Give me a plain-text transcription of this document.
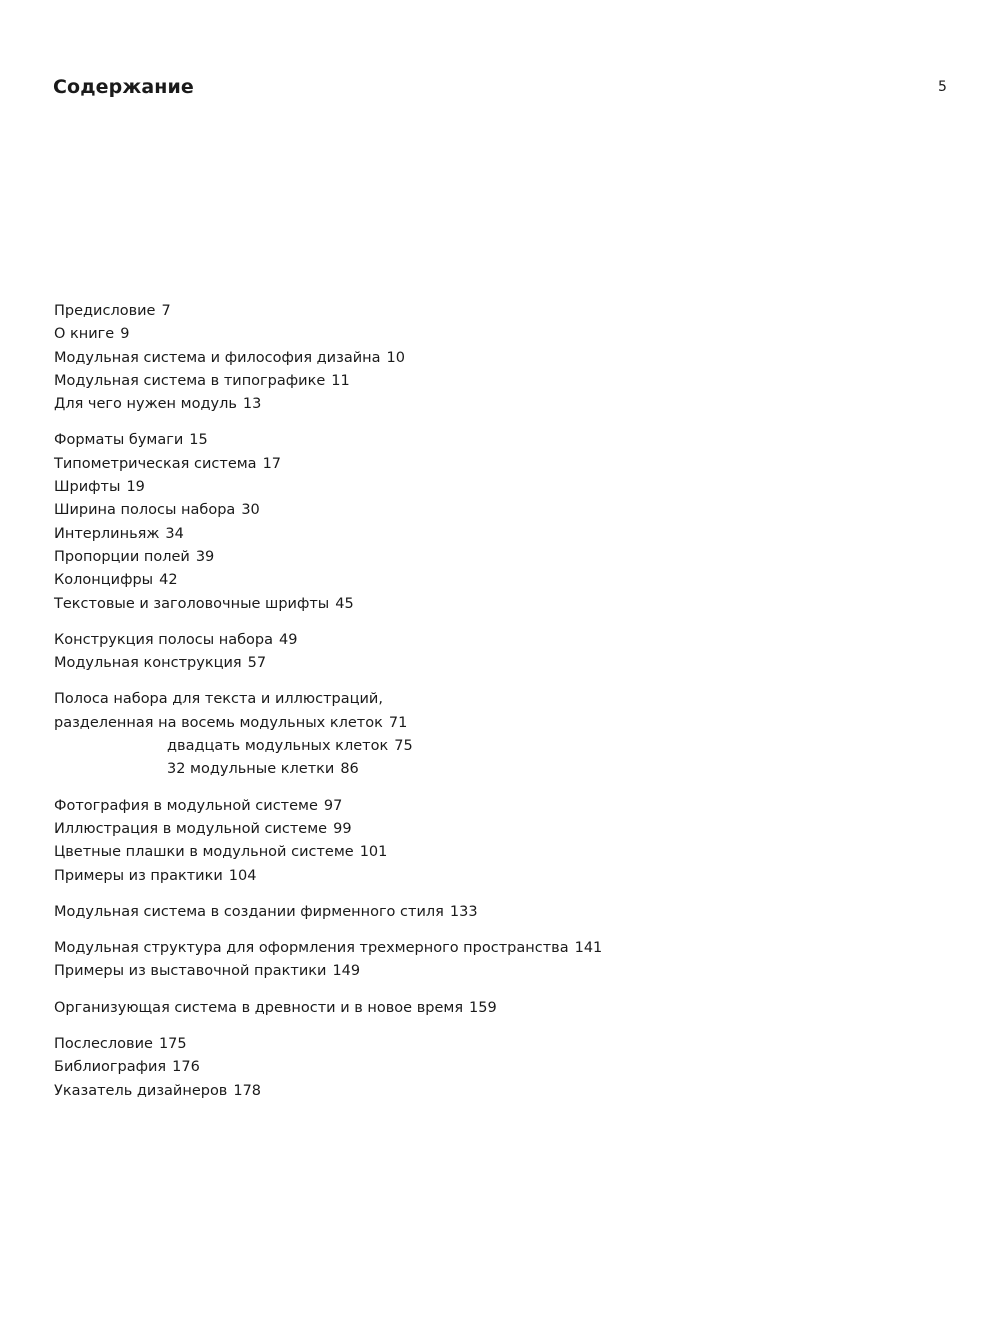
Содержание	5
Предисловие 7
О книге 9
Модульная система и философия дизайна 10
Модульная система в типографике 11
Для чего нужен модуль 13
Форматы бумаги 15
Типометрическая система 17
Шрифты 19
Ширина полосы набора 30
Интерлиньяж 34
Пропорции полей 39
Колонцифры 42
Текстовые и заголовочные шрифты 45
Конструкция полосы набора 49
Модульная конструкция 57
Полоса набора для текста и иллюстраций,
разделенная на восемь модульных клеток 71
двадцать модульных клеток 75
32 модульные клетки 86
Фотография в модульной системе 97
Иллюстрация в модульной системе 99
Цветные плашки в модульной системе 101
Примеры из практики 104
Модульная система в создании фирменного стиля 133
Модульная структура для оформления трехмерного пространства 141
Примеры из выставочной практики 149
Организующая система в древности и в новое время 159
Послесловие 175
Библиография 176
Указатель дизайнеров 178
